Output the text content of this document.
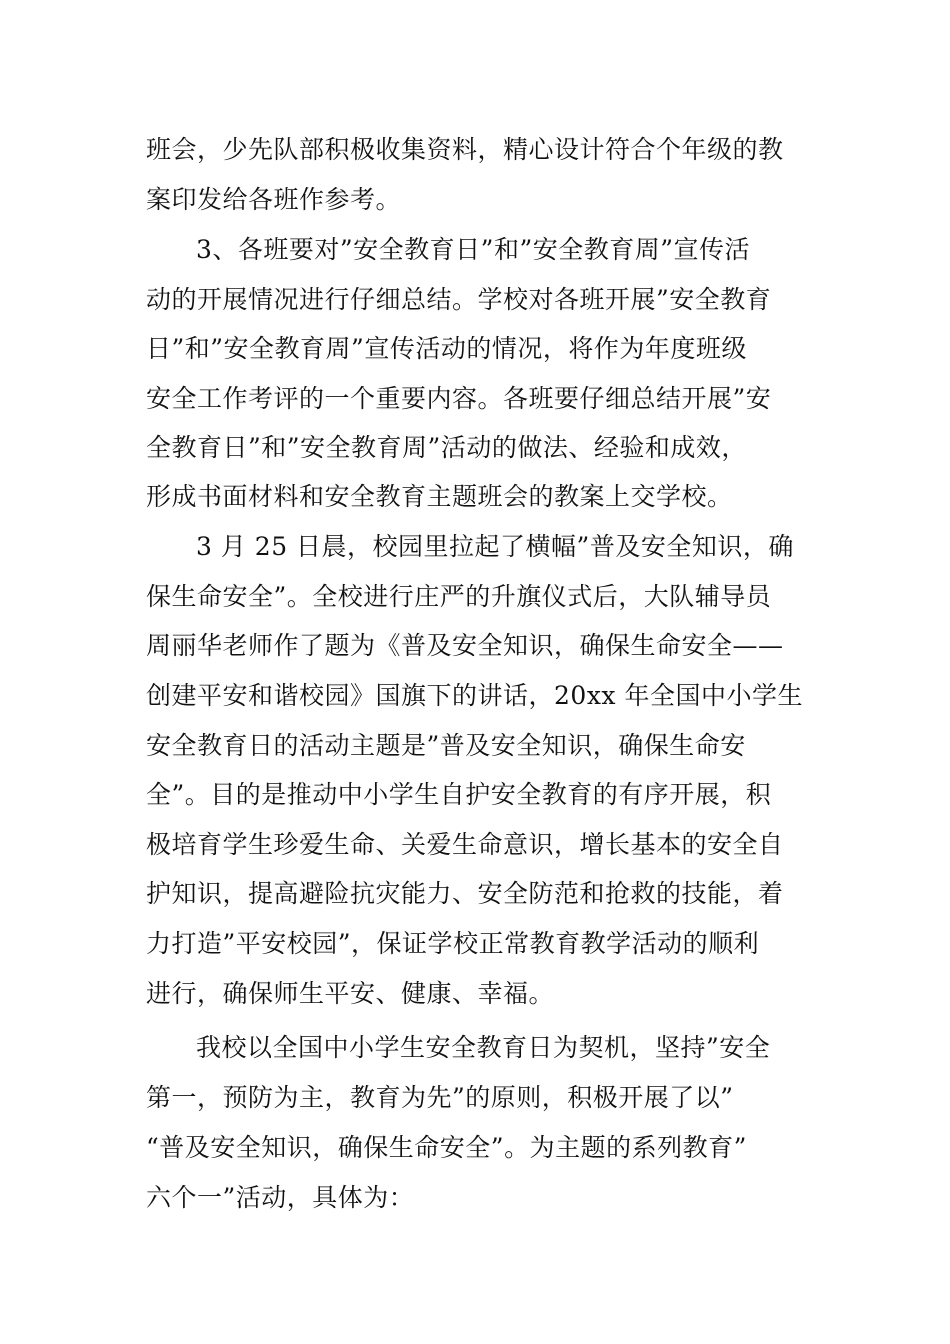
班会，少先队部积极收集资料，精心设计符合个年级的教
案印发给各班作参考。
3、各班要对”安全教育日”和”安全教育周”宣传活
动的开展情况进行仔细总结。学校对各班开展”安全教育
日”和”安全教育周”宣传活动的情况，将作为年度班级
安全工作考评的一个重要内容。各班要仔细总结开展”安
全教育日”和”安全教育周”活动的做法、经验和成效，
形成书面材料和安全教育主题班会的教案上交学校。
3 月 25 日晨，校园里拉起了横幅”普及安全知识，确
保生命安全”。全校进行庄严的升旗仪式后，大队辅导员
周丽华老师作了题为《普及安全知识，确保生命安全——
创建平安和谐校园》国旗下的讲话，20xx 年全国中小学生
安全教育日的活动主题是”普及安全知识，确保生命安
全”。目的是推动中小学生自护安全教育的有序开展，积
极培育学生珍爱生命、关爱生命意识，增长基本的安全自
护知识，提高避险抗灾能力、安全防范和抢救的技能，着
力打造”平安校园”，保证学校正常教育教学活动的顺利
进行，确保师生平安、健康、幸福。
我校以全国中小学生安全教育日为契机，坚持”安全
第一，预防为主，教育为先”的原则，积极开展了以”
“普及安全知识，确保生命安全”。为主题的系列教育”
六个一”活动，具体为：
